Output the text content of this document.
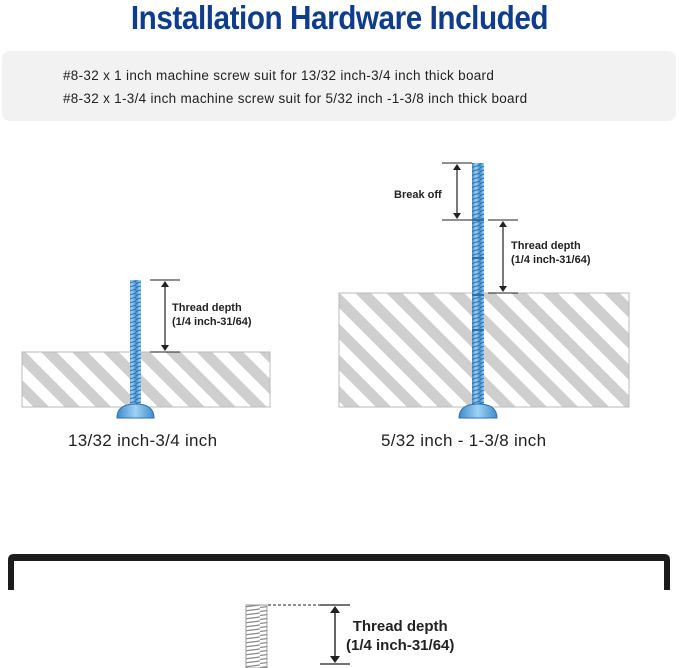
Installation Hardware Included
#8-32 x 1 inch machine screw suit for 13/32 inch-3/4 inch thick board
#8-32 x 1-3/4 inch machine screw suit for 5/32 inch -1-3/8 inch thick board
Thread depth
(1/4 inch-31/64)
13/32 inch-3/4 inch
Break off
Thread depth
(1/4 inch-31/64)
5/32 inch - 1-3/8 inch
Thread depth
(1/4 inch-31/64)
